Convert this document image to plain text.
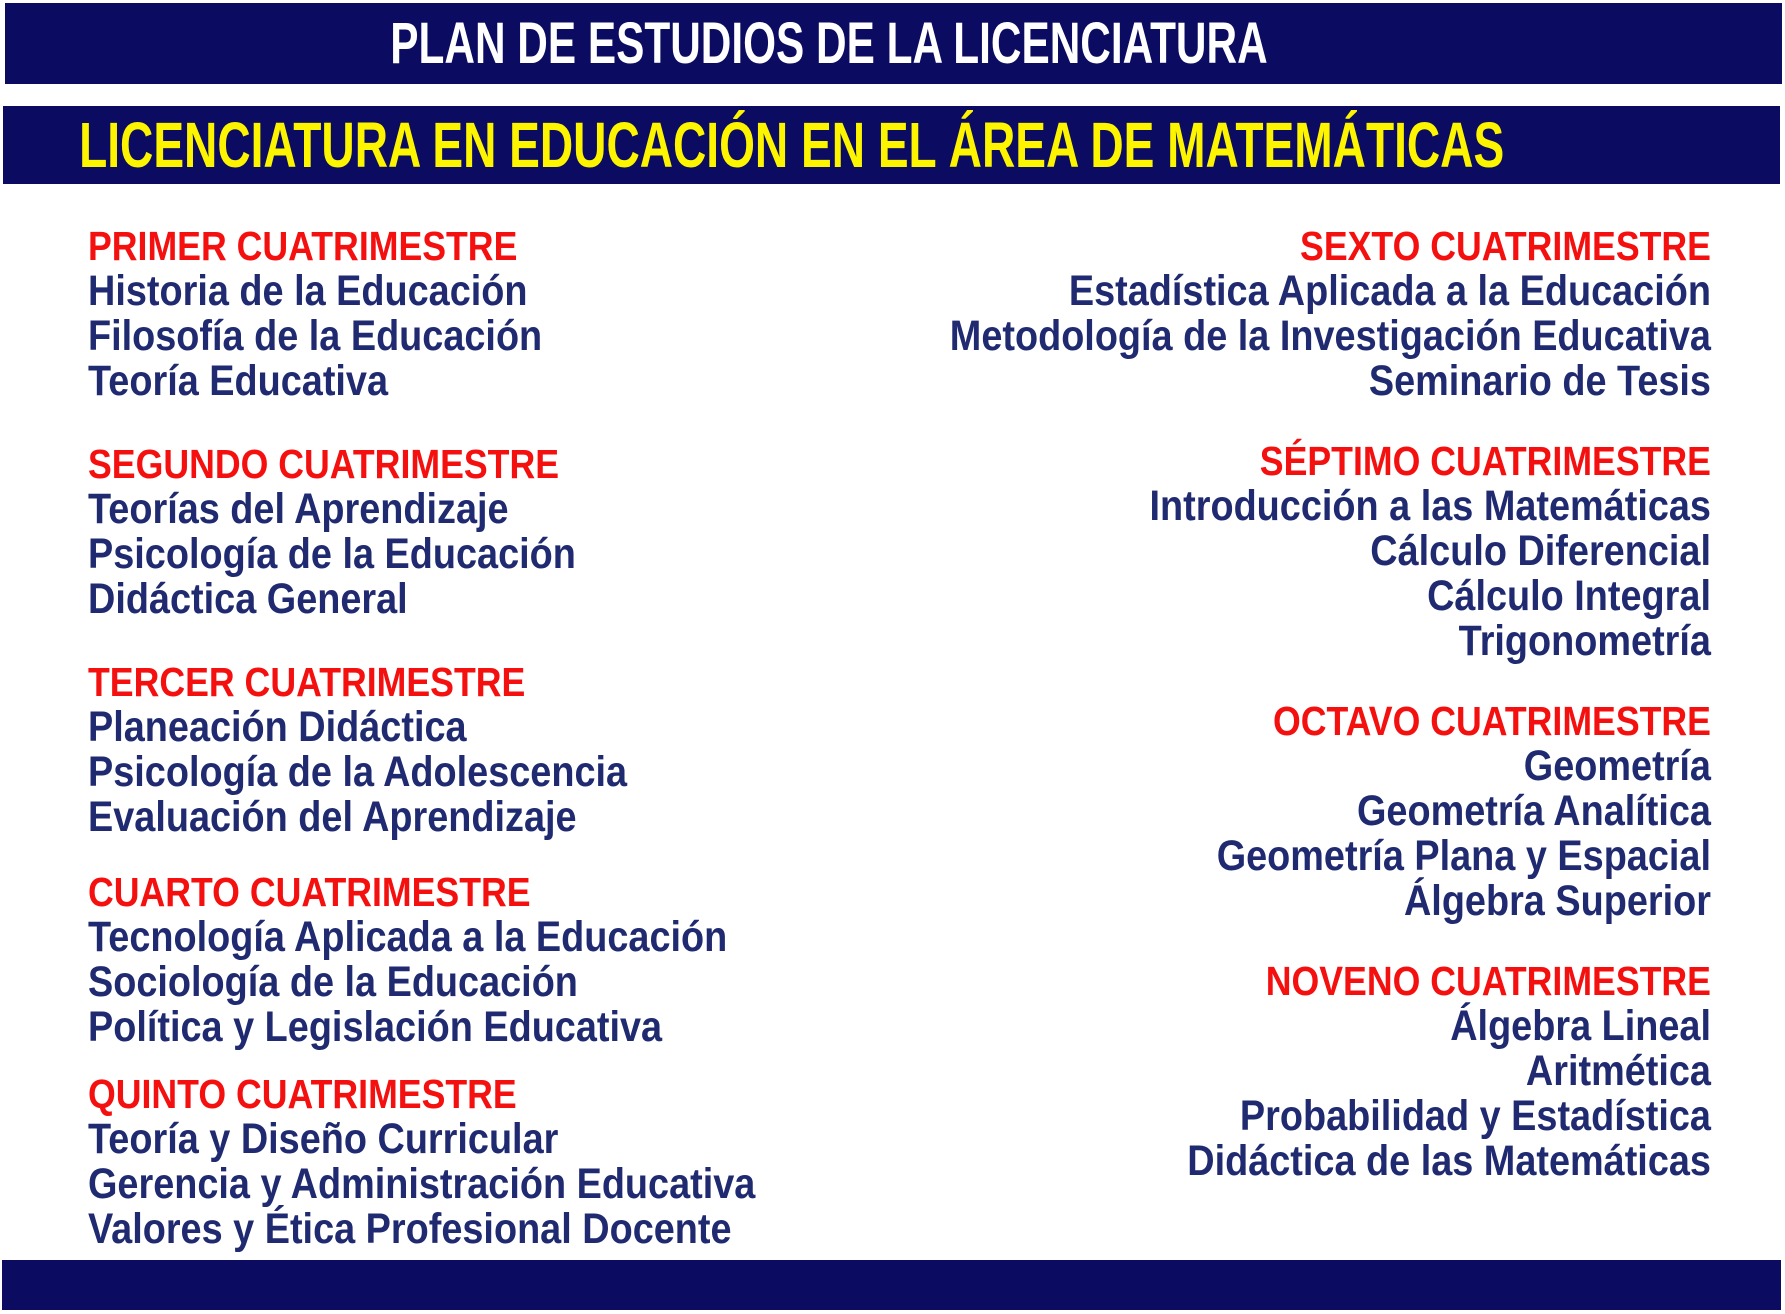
PLAN DE ESTUDIOS DE LA LICENCIATURA
LICENCIATURA EN EDUCACIÓN EN EL ÁREA DE MATEMÁTICAS
PRIMER CUATRIMESTRE
Historia de la Educación
Filosofía de la Educación
Teoría Educativa
SEGUNDO CUATRIMESTRE
Teorías del Aprendizaje
Psicología de la Educación
Didáctica General
TERCER CUATRIMESTRE
Planeación Didáctica
Psicología de la Adolescencia
Evaluación del Aprendizaje
CUARTO CUATRIMESTRE
Tecnología Aplicada a la Educación
Sociología de la Educación
Política y Legislación Educativa
QUINTO CUATRIMESTRE
Teoría y Diseño Curricular
Gerencia y Administración Educativa
Valores y Ética Profesional Docente
SEXTO CUATRIMESTRE
Estadística Aplicada a la Educación
Metodología de la Investigación Educativa
Seminario de Tesis
SÉPTIMO CUATRIMESTRE
Introducción a las Matemáticas
Cálculo Diferencial
Cálculo Integral
Trigonometría
OCTAVO CUATRIMESTRE
Geometría
Geometría Analítica
Geometría Plana y Espacial
Álgebra Superior
NOVENO CUATRIMESTRE
Álgebra Lineal
Aritmética
Probabilidad y Estadística
Didáctica de las Matemáticas
